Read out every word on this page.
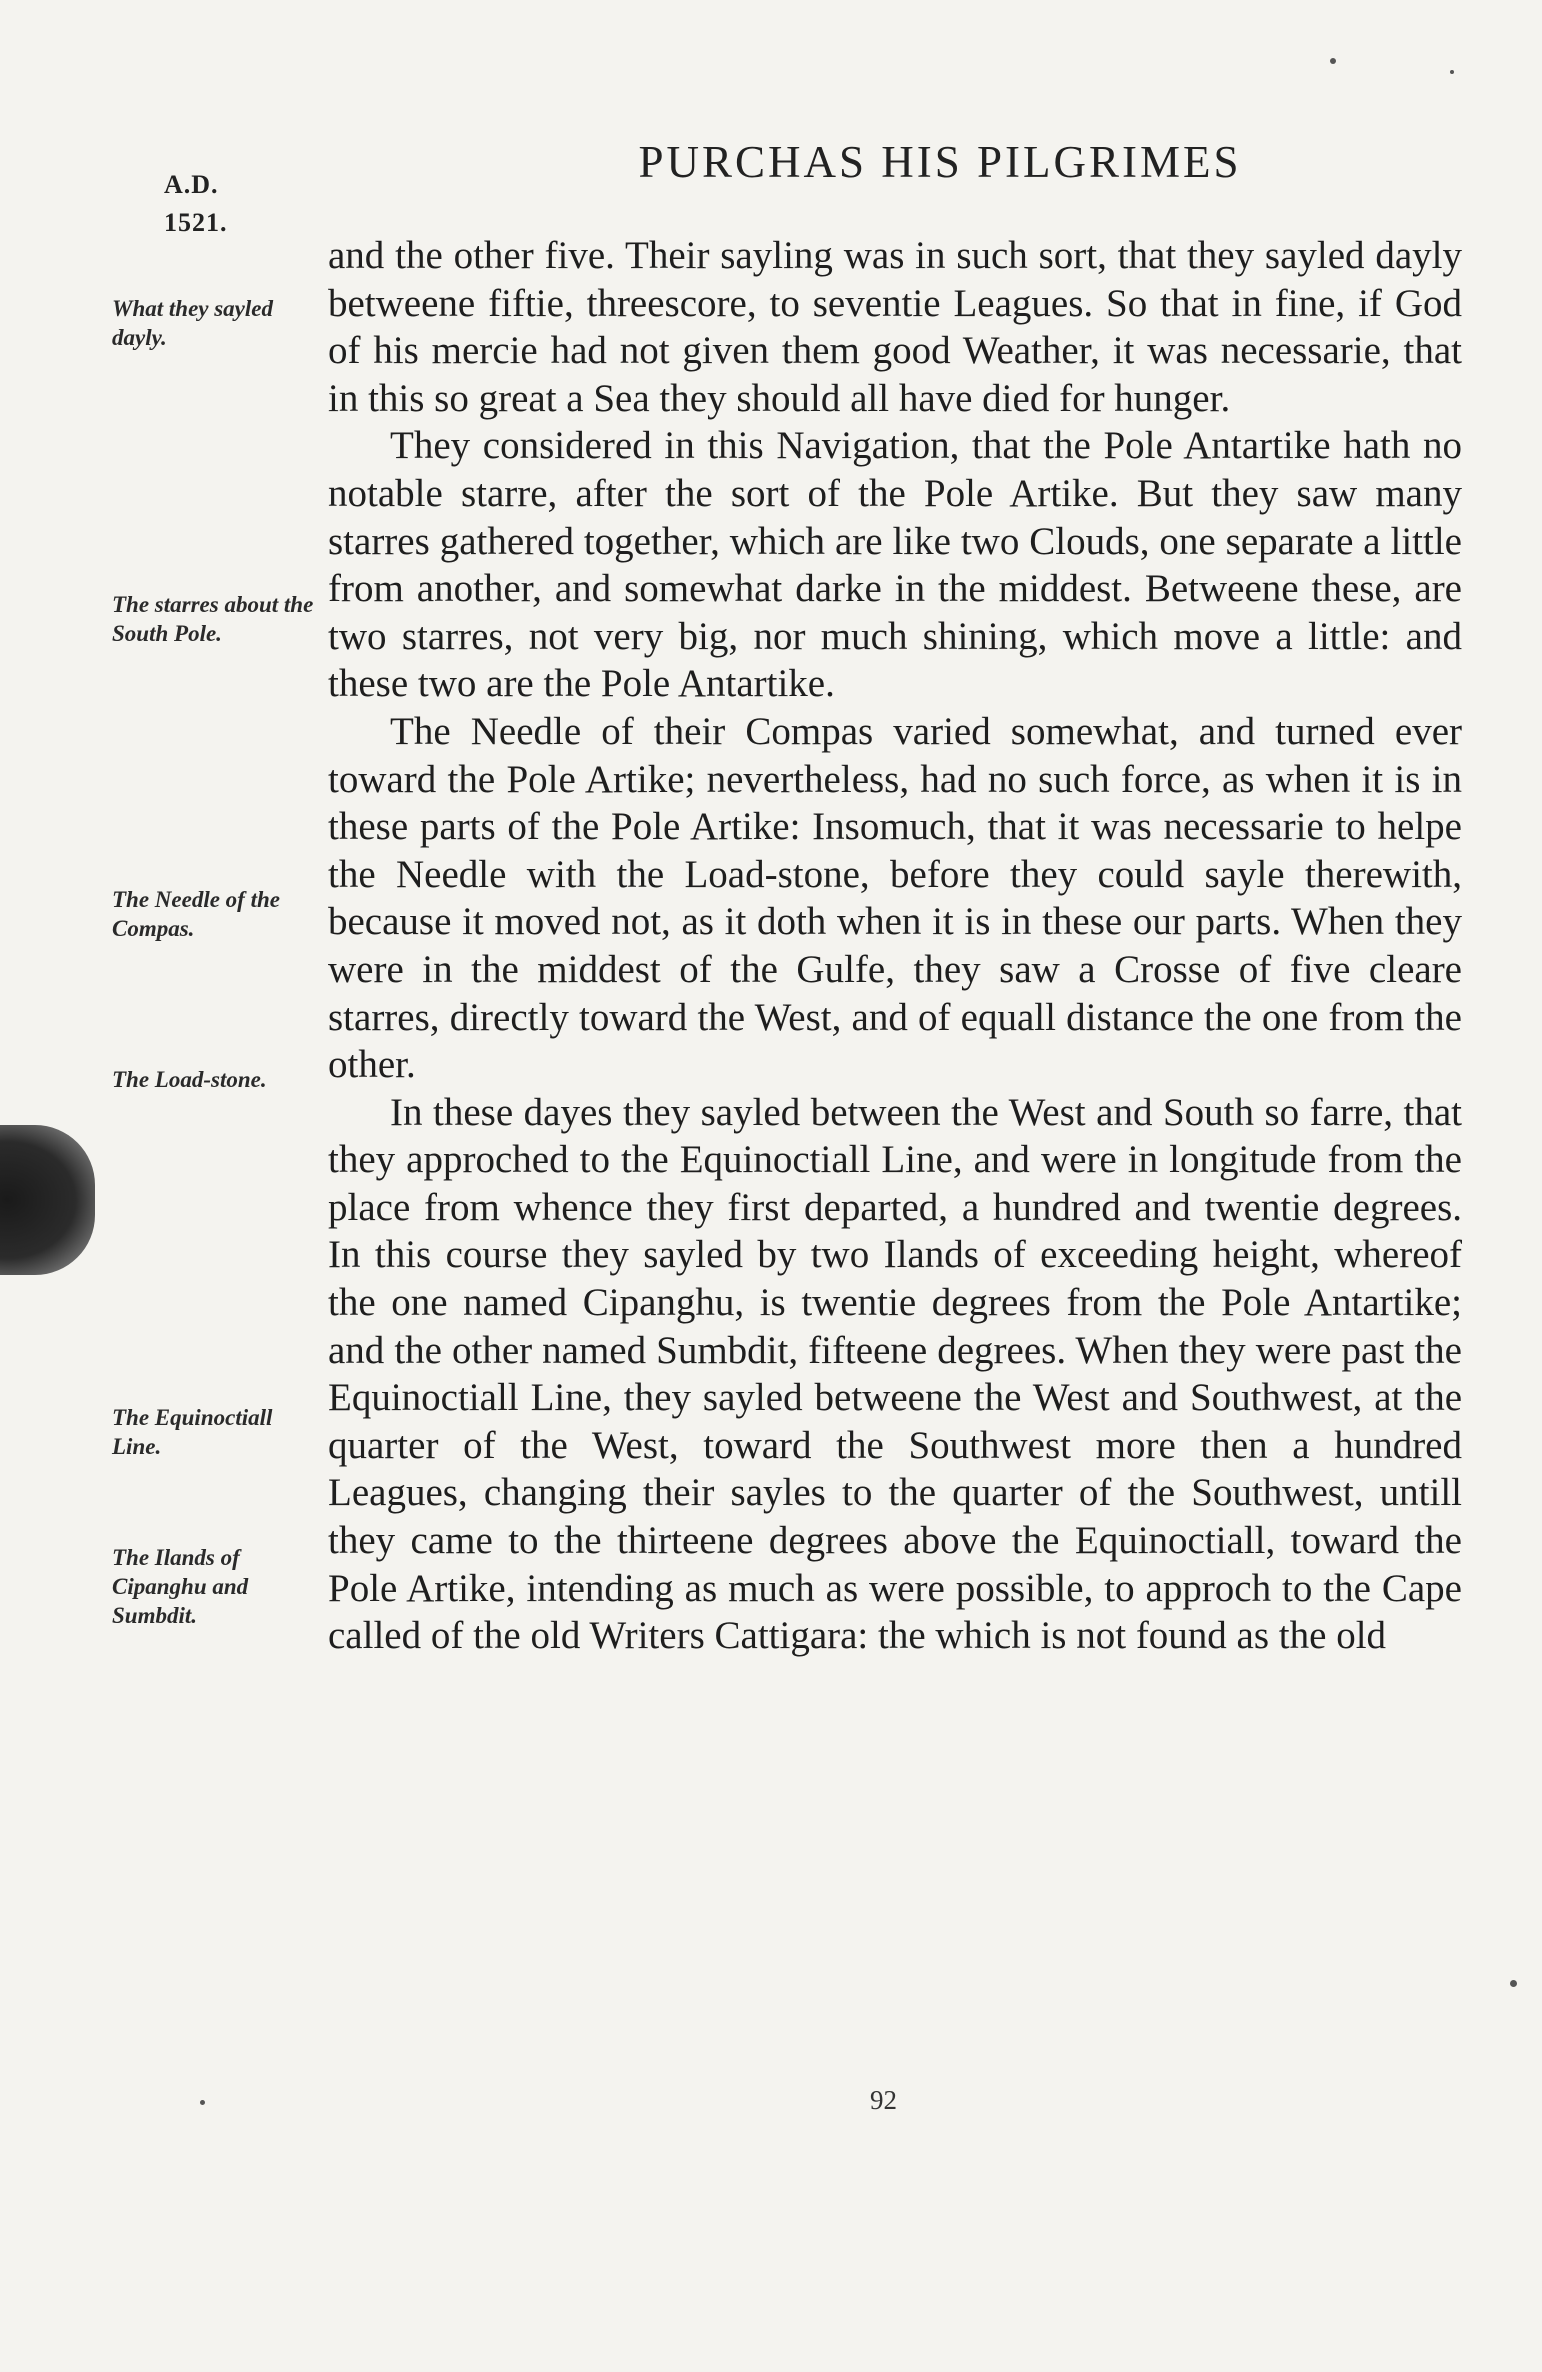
A.D.
1521.
PURCHAS HIS PILGRIMES
What they sayled dayly.
The starres about the South Pole.
The Needle of the Compas.
The Load-stone.
The Equinoctiall Line.
The Ilands of Cipanghu and Sumbdit.

and the other five. Their sayling was in such sort, that they sayled dayly betweene fiftie, threescore, to seventie Leagues. So that in fine, if God of his mercie had not given them good Weather, it was necessarie, that in this so great a Sea they should all have died for hunger.

They considered in this Navigation, that the Pole Antartike hath no notable starre, after the sort of the Pole Artike. But they saw many starres gathered together, which are like two Clouds, one separate a little from another, and somewhat darke in the middest. Betweene these, are two starres, not very big, nor much shining, which move a little: and these two are the Pole Antartike.

The Needle of their Compas varied somewhat, and turned ever toward the Pole Artike; nevertheless, had no such force, as when it is in these parts of the Pole Artike: Insomuch, that it was necessarie to helpe the Needle with the Load-stone, before they could sayle therewith, because it moved not, as it doth when it is in these our parts. When they were in the middest of the Gulfe, they saw a Crosse of five cleare starres, directly toward the West, and of equall distance the one from the other.

In these dayes they sayled between the West and South so farre, that they approched to the Equinoctiall Line, and were in longitude from the place from whence they first departed, a hundred and twentie degrees. In this course they sayled by two Ilands of exceeding height, whereof the one named Cipanghu, is twentie degrees from the Pole Antartike; and the other named Sumbdit, fifteene degrees. When they were past the Equinoctiall Line, they sayled betweene the West and Southwest, at the quarter of the West, toward the Southwest more then a hundred Leagues, changing their sayles to the quarter of the Southwest, untill they came to the thirteene degrees above the Equinoctiall, toward the Pole Artike, intending as much as were possible, to approch to the Cape called of the old Writers Cattigara: the which is not found as the old

92
